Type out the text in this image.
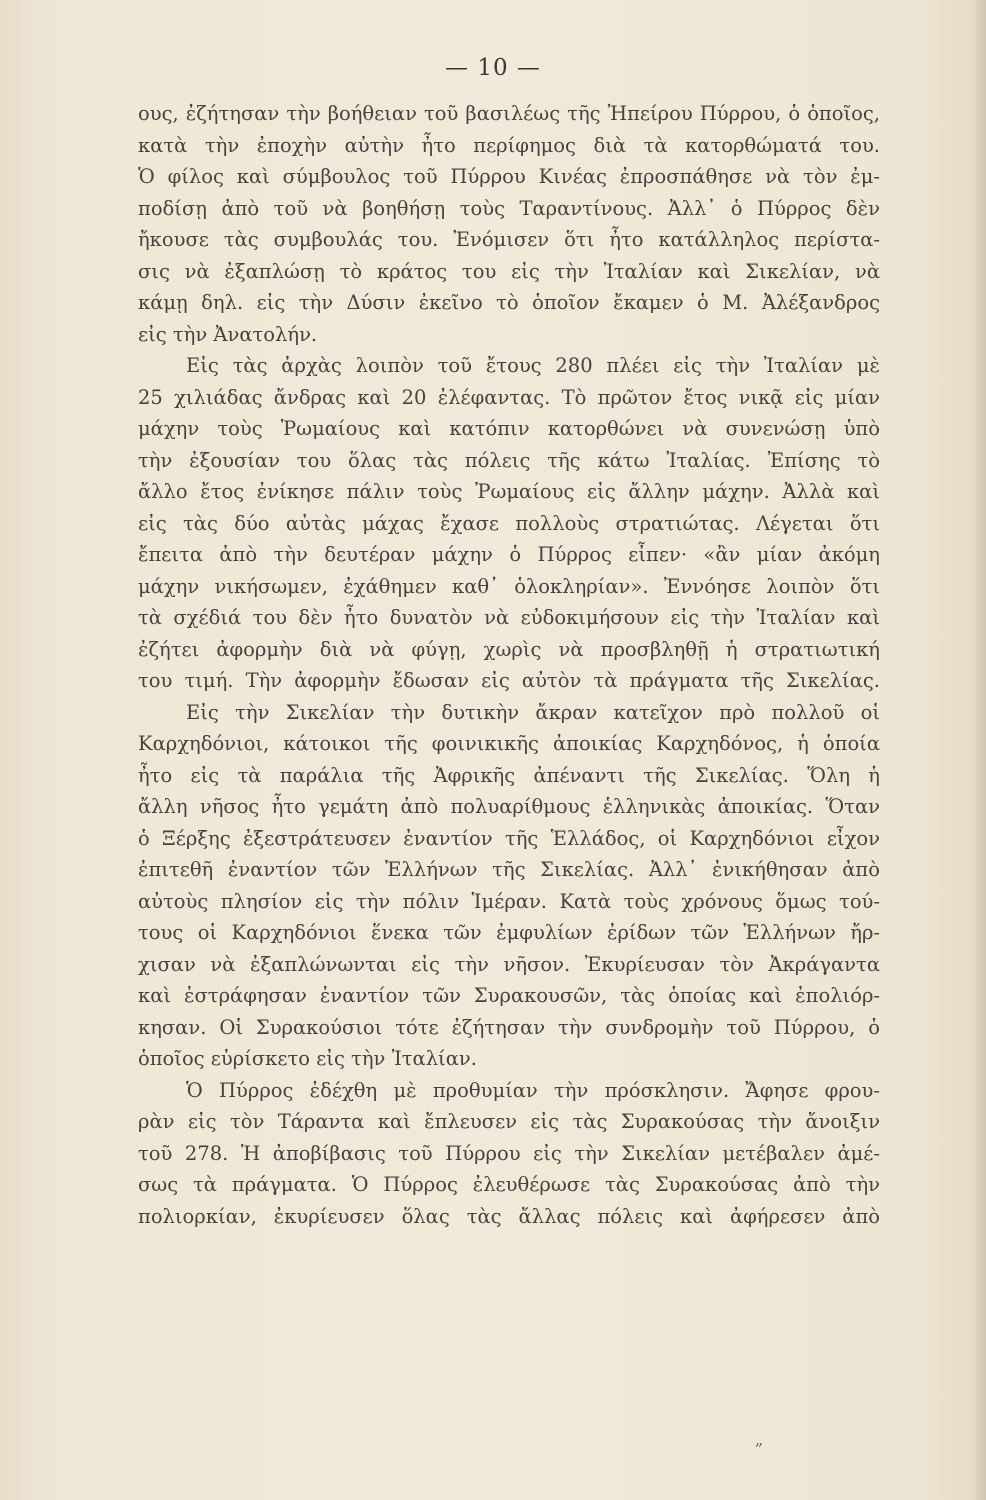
— 10 —
ους, ἐζήτησαν τὴν βοήθειαν τοῦ βασιλέως τῆς Ἠπείρου Πύρρου, ὁ ὁποῖος,
κατὰ τὴν ἐποχὴν αὐτὴν ἦτο περίφημος διὰ τὰ κατορθώματά του.
Ὁ φίλος καὶ σύμβουλος τοῦ Πύρρου Κινέας ἐπροσπάθησε νὰ τὸν ἐμ-
ποδίσῃ ἀπὸ τοῦ νὰ βοηθήσῃ τοὺς Ταραντίνους. Ἀλλ᾽ ὁ Πύρρος δὲν
ἤκουσε τὰς συμβουλάς του. Ἐνόμισεν ὅτι ἦτο κατάλληλος περίστα-
σις νὰ ἐξαπλώσῃ τὸ κράτος του εἰς τὴν Ἰταλίαν καὶ Σικελίαν, νὰ
κάμῃ δηλ. εἰς τὴν Δύσιν ἐκεῖνο τὸ ὁποῖον ἔκαμεν ὁ Μ. Ἀλέξανδρος
εἰς τὴν Ἀνατολήν.
Εἰς τὰς ἀρχὰς λοιπὸν τοῦ ἔτους 280 πλέει εἰς τὴν Ἰταλίαν μὲ
25 χιλιάδας ἄνδρας καὶ 20 ἐλέφαντας. Τὸ πρῶτον ἔτος νικᾷ εἰς μίαν
μάχην τοὺς Ῥωμαίους καὶ κατόπιν κατορθώνει νὰ συνενώσῃ ὑπὸ
τὴν ἐξουσίαν του ὅλας τὰς πόλεις τῆς κάτω Ἰταλίας. Ἐπίσης τὸ
ἄλλο ἔτος ἐνίκησε πάλιν τοὺς Ῥωμαίους εἰς ἄλλην μάχην. Ἀλλὰ καὶ
εἰς τὰς δύο αὐτὰς μάχας ἔχασε πολλοὺς στρατιώτας. Λέγεται ὅτι
ἔπειτα ἀπὸ τὴν δευτέραν μάχην ὁ Πύρρος εἶπεν· «ἂν μίαν ἀκόμη
μάχην νικήσωμεν, ἐχάθημεν καθ᾽ ὁλοκληρίαν». Ἐννόησε λοιπὸν ὅτι
τὰ σχέδιά του δὲν ἦτο δυνατὸν νὰ εὐδοκιμήσουν εἰς τὴν Ἰταλίαν καὶ
ἐζήτει ἀφορμὴν διὰ νὰ φύγῃ, χωρὶς νὰ προσβληθῇ ἡ στρατιωτική
του τιμή. Τὴν ἀφορμὴν ἔδωσαν εἰς αὐτὸν τὰ πράγματα τῆς Σικελίας.
Εἰς τὴν Σικελίαν τὴν δυτικὴν ἄκραν κατεῖχον πρὸ πολλοῦ οἱ
Καρχηδόνιοι, κάτοικοι τῆς φοινικικῆς ἀποικίας Καρχηδόνος, ἡ ὁποία
ἦτο εἰς τὰ παράλια τῆς Ἀφρικῆς ἀπέναντι τῆς Σικελίας. Ὅλη ἡ
ἄλλη νῆσος ἦτο γεμάτη ἀπὸ πολυαρίθμους ἑλληνικὰς ἀποικίας. Ὅταν
ὁ Ξέρξης ἐξεστράτευσεν ἐναντίον τῆς Ἑλλάδος, οἱ Καρχηδόνιοι εἶχον
ἐπιτεθῆ ἐναντίον τῶν Ἑλλήνων τῆς Σικελίας. Ἀλλ᾽ ἐνικήθησαν ἀπὸ
αὐτοὺς πλησίον εἰς τὴν πόλιν Ἱμέραν. Κατὰ τοὺς χρόνους ὅμως τού-
τους οἱ Καρχηδόνιοι ἕνεκα τῶν ἐμφυλίων ἐρίδων τῶν Ἑλλήνων ἤρ-
χισαν νὰ ἐξαπλώνωνται εἰς τὴν νῆσον. Ἐκυρίευσαν τὸν Ἀκράγαντα
καὶ ἐστράφησαν ἐναντίον τῶν Συρακουσῶν, τὰς ὁποίας καὶ ἐπολιόρ-
κησαν. Οἱ Συρακούσιοι τότε ἐζήτησαν τὴν συνδρομὴν τοῦ Πύρρου, ὁ
ὁποῖος εὑρίσκετο εἰς τὴν Ἰταλίαν.
Ὁ Πύρρος ἐδέχθη μὲ προθυμίαν τὴν πρόσκλησιν. Ἄφησε φρου-
ρὰν εἰς τὸν Τάραντα καὶ ἔπλευσεν εἰς τὰς Συρακούσας τὴν ἄνοιξιν
τοῦ 278. Ἡ ἀποβίβασις τοῦ Πύρρου εἰς τὴν Σικελίαν μετέβαλεν ἀμέ-
σως τὰ πράγματα. Ὁ Πύρρος ἐλευθέρωσε τὰς Συρακούσας ἀπὸ τὴν
πολιορκίαν, ἐκυρίευσεν ὅλας τὰς ἄλλας πόλεις καὶ ἀφήρεσεν ἀπὸ
„
